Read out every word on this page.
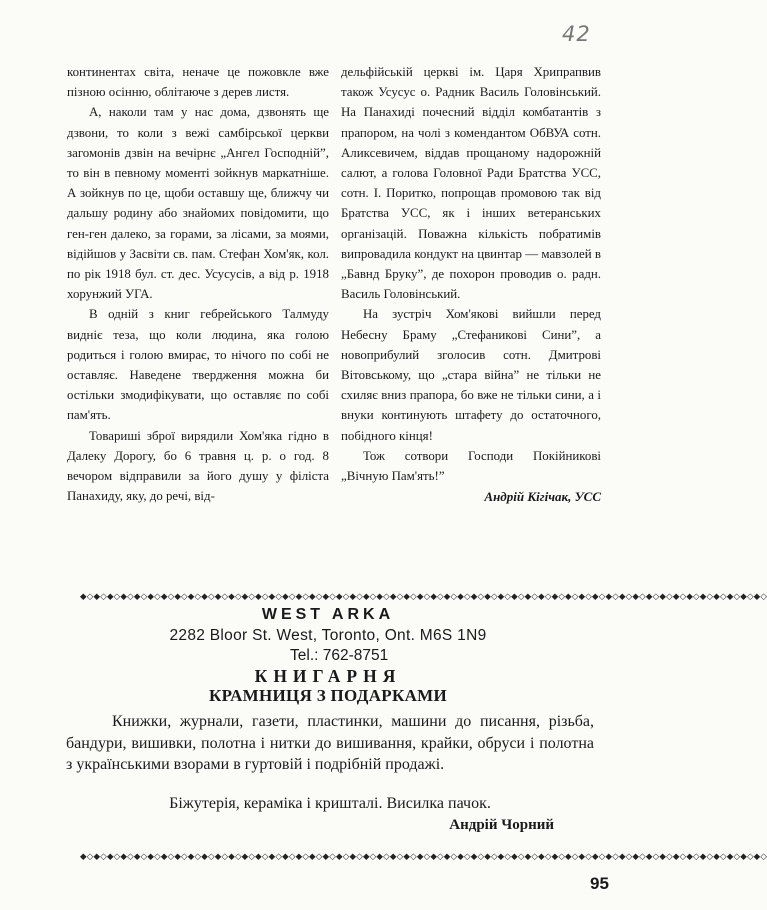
42

континентах світа, неначе це пожовкле вже пізною осінню, облітаюче з дерев листя.

А, наколи там у нас дома, дзвонять ще дзвони, то коли з вежі самбірської церкви загомонів дзвін на вечірнє „Ангел Господній”, то він в певному моменті зойкнув маркатніше. А зойкнув по це, щоби оставшу ще, ближчу чи дальшу родину або знайомих повідомити, що ген-ген далеко, за горами, за лісами, за моями, відійшов у Засвіти св. пам. Стефан Хом'як, кол. по рік 1918 бул. ст. дес. Усусусів, а від р. 1918 хорунжий УГА.

В одній з книг гебрейського Талмуду видніє теза, що коли людина, яка голою родиться і голою вмирає, то нічого по собі не оставляє. Наведене твердження можна би остільки змодифікувати, що оставляє по собі пам'ять.

Товариші зброї вирядили Хом'яка гідно в Далеку Дорогу, бо 6 травня ц. р. о год. 8 вечором відправили за його душу у філіста Панахиду, яку, до речі, від-

дельфійській церкві ім. Царя Хрипрапвив також Усусус о. Радник Василь Головінський. На Панахиді почесний відділ комбатантів з прапором, на чолі з комендантом ОбВУА сотн. Аликсевичем, віддав прощаному надорожній салют, а голова Головної Ради Братства УСС, сотн. І. Поритко, попрощав промовою так від Братства УСС, як і інших ветеранських організацій. Поважна кількість побратимів випровадила кондукт на цвинтар — мавзолей в „Бавнд Бруку”, де похорон проводив о. радн. Василь Головінський.

На зустріч Хом'якові вийшли перед Небесну Браму „Стефаникові Сини”, а новоприбулий зголосив сотн. Дмитрові Вітовському, що „стара війна” не тільки не схиляє вниз прапора, бо вже не тільки сини, а і внуки континують штафету до остаточного, побідного кінця!

Тож сотвори Господи Покійникові „Вічную Пам'ять!”

Андрій Кігічак, УСС

◆◇◆◇◆◇◆◇◆◇◆◇◆◇◆◇◆◇◆◇◆◇◆◇◆◇◆◇◆◇◆◇◆◇◆◇◆◇◆◇◆◇◆◇◆◇◆◇◆◇◆◇◆◇◆◇◆◇◆◇◆◇◆◇◆◇◆◇◆◇◆◇◆◇◆◇◆◇◆◇◆◇◆◇◆◇◆◇◆◇◆◇◆◇◆◇◆◇◆◇◆◇
WEST ARKA
2282 Bloor St. West, Toronto, Ont. M6S 1N9
Tel.: 762-8751
КНИГАРНЯ
КРАМНИЦЯ З ПОДАРКАМИ

Книжки, журнали, газети, пластинки, машини до писання, різьба, бандури, вишивки, полотна і нитки до вишивання, крайки, обруси і полотна з українськими взорами в гуртовій і подрібній продажі.

Біжутерія, кераміка і кришталі. Висилка пачок.
Андрій Чорний
◆◇◆◇◆◇◆◇◆◇◆◇◆◇◆◇◆◇◆◇◆◇◆◇◆◇◆◇◆◇◆◇◆◇◆◇◆◇◆◇◆◇◆◇◆◇◆◇◆◇◆◇◆◇◆◇◆◇◆◇◆◇◆◇◆◇◆◇◆◇◆◇◆◇◆◇◆◇◆◇◆◇◆◇◆◇◆◇◆◇◆◇◆◇◆◇◆◇◆◇◆◇
95
